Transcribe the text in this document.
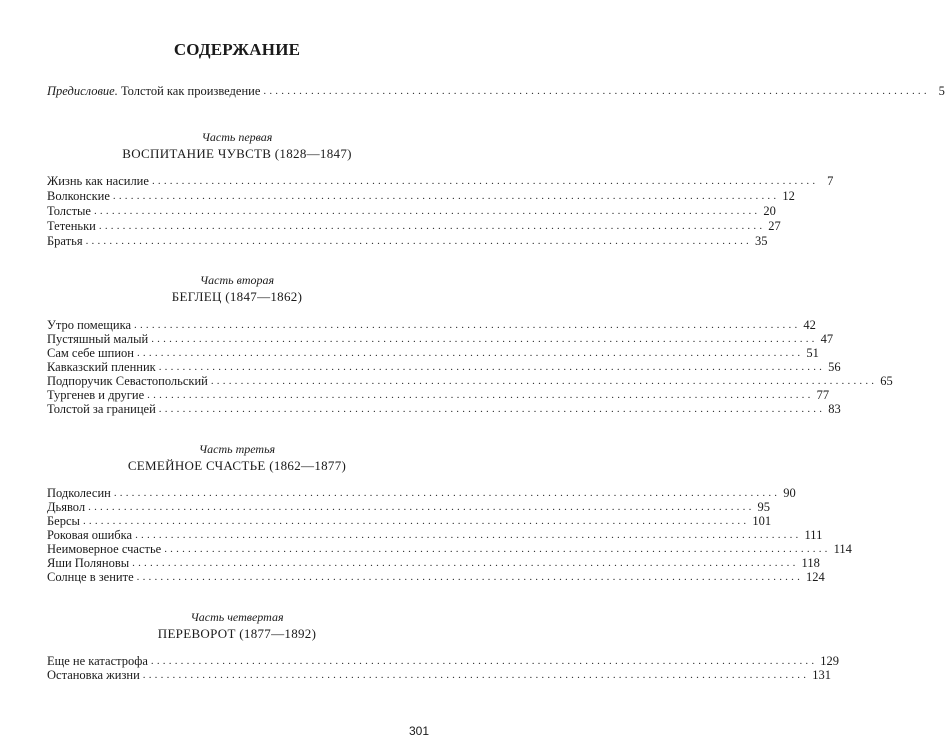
СОДЕРЖАНИЕ
Предисловие. Толстой как произведение ................................................................................................................ 5
Часть первая
ВОСПИТАНИЕ ЧУВСТВ (1828—1847)
Жизнь как насилие ................................................................................................................ 7
Волконские ................................................................................................................ 12
Толстые ................................................................................................................ 20
Тетеньки ................................................................................................................ 27
Братья ................................................................................................................ 35
Часть вторая
БЕГЛЕЦ (1847—1862)
Утро помещика ................................................................................................................ 42
Пустяшный малый ................................................................................................................ 47
Сам себе шпион ................................................................................................................ 51
Кавказский пленник ................................................................................................................ 56
Подпоручик Севастопольский ................................................................................................................ 65
Тургенев и другие ................................................................................................................ 77
Толстой за границей ................................................................................................................ 83
Часть третья
СЕМЕЙНОЕ СЧАСТЬЕ (1862—1877)
Подколесин ................................................................................................................ 90
Дьявол ................................................................................................................ 95
Берсы ................................................................................................................ 101
Роковая ошибка ................................................................................................................ 111
Неимоверное счастье ................................................................................................................ 114
Яши Поляновы ................................................................................................................ 118
Солнце в зените ................................................................................................................ 124
Часть четвертая
ПЕРЕВОРОТ (1877—1892)
Еще не катастрофа ................................................................................................................ 129
Остановка жизни ................................................................................................................ 131
301
